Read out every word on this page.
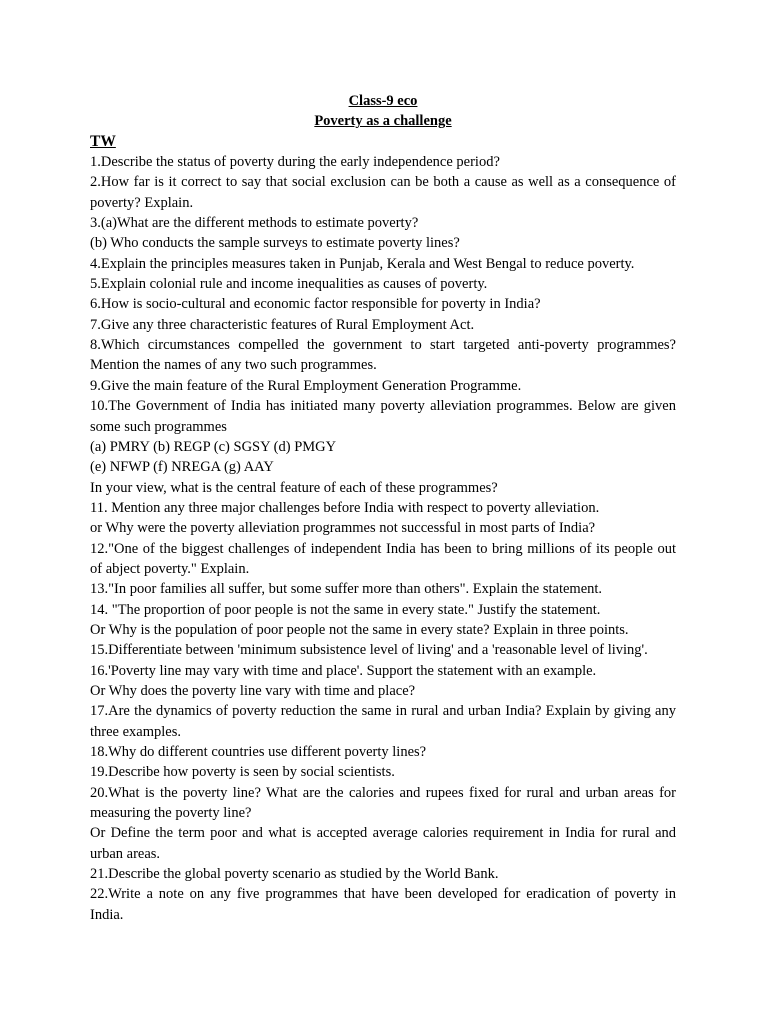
Class-9 eco
Poverty as a challenge
TW
1.Describe the status of poverty during the early independence period?
2.How far is it correct to say that social exclusion can be both a cause as well as a consequence of poverty? Explain.
3.(a)What are the different methods to estimate poverty?
(b) Who conducts the sample surveys to estimate poverty lines?
4.Explain the principles measures taken in Punjab, Kerala and West Bengal to reduce poverty.
5.Explain colonial rule and income inequalities as causes of poverty.
6.How is socio-cultural and economic factor responsible for poverty in India?
7.Give any three characteristic features of Rural Employment Act.
8.Which circumstances compelled the government to start targeted anti-poverty programmes? Mention the names of any two such programmes.
9.Give the main feature of the Rural Employment Generation Programme.
10.The Government of India has initiated many poverty alleviation programmes. Below are given some such programmes
(a) PMRY (b) REGP (c) SGSY (d) PMGY
(e) NFWP (f) NREGA (g) AAY
In your view, what is the central feature of each of these programmes?
11. Mention any three major challenges before India with respect to poverty alleviation.
or Why were the poverty alleviation programmes not successful in most parts of India?
12."One of the biggest challenges of independent India has been to bring millions of its people out of abject poverty." Explain.
13."In poor families all suffer, but some suffer more than others". Explain the statement.
14. "The proportion of poor people is not the same in every state." Justify the statement.
Or Why is the population of poor people not the same in every state? Explain in three points.
15.Differentiate between 'minimum subsistence level of living' and a 'reasonable level of living'.
16.'Poverty line may vary with time and place'. Support the statement with an example.
Or Why does the poverty line vary with time and place?
17.Are the dynamics of poverty reduction the same in rural and urban India? Explain by giving any three examples.
18.Why do different countries use different poverty lines?
19.Describe how poverty is seen by social scientists.
20.What is the poverty line? What are the calories and rupees fixed for rural and urban areas for measuring the poverty line?
Or Define the term poor and what is accepted average calories requirement in India for rural and urban areas.
21.Describe the global poverty scenario as studied by the World Bank.
22.Write a note on any five programmes that have been developed for eradication of poverty in India.
